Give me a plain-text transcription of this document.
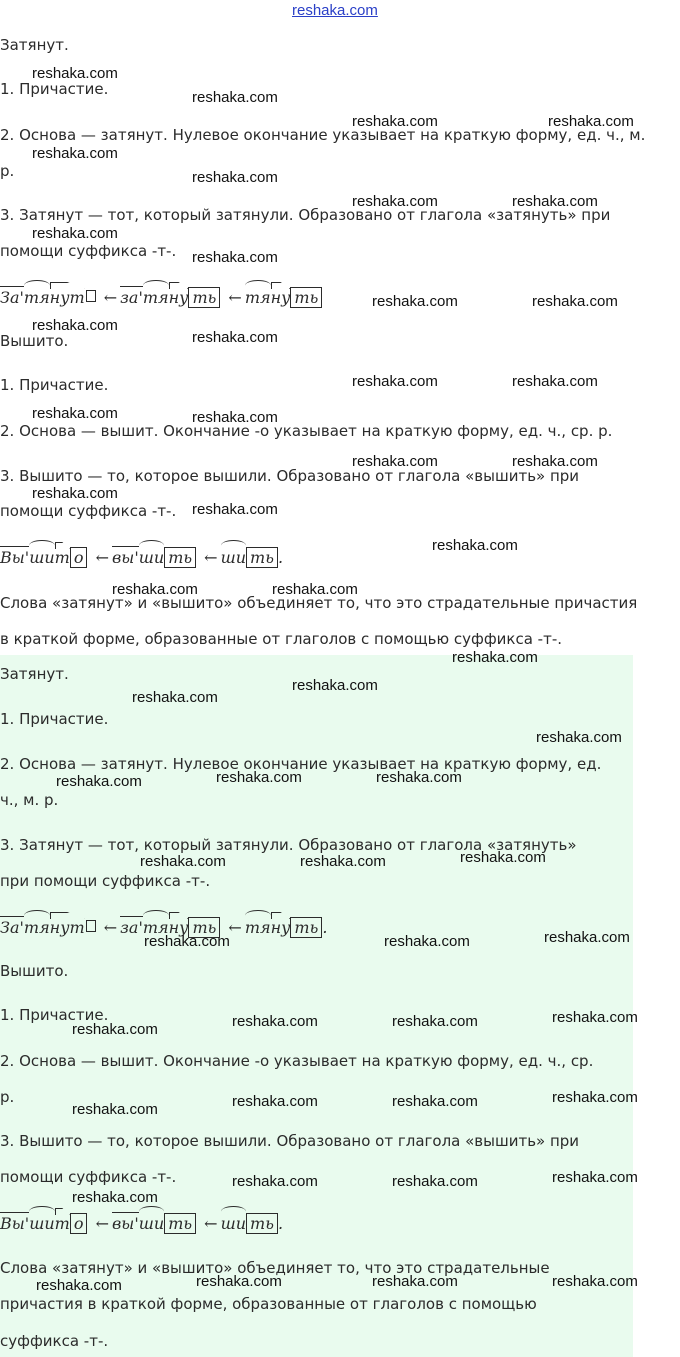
reshaka.com
Затянут.
1. Причастие.
2. Основа — затянут. Нулевое окончание указывает на краткую форму, ед. ч., м.
р.
3. Затянут — тот, который затянули. Образовано от глагола «затянуть» при
помощи суффикса -т-.
За'тянут ← за'тяну ть ← тяну ть
Вышито.
1. Причастие.
2. Основа — вышит. Окончание -о указывает на краткую форму, ед. ч., ср. р.
3. Вышито — то, которое вышили. Образовано от глагола «вышить» при
помощи суффикса -т-.
Вы'шит о ← вы'ши ть ← ши ть .
Слова «затянут» и «вышито» объединяет то, что это страдательные причастия
в краткой форме, образованные от глаголов с помощью суффикса -т-.
Затянут.
1. Причастие.
2. Основа — затянут. Нулевое окончание указывает на краткую форму, ед.
ч., м. р.
3. Затянут — тот, который затянули. Образовано от глагола «затянуть»
при помощи суффикса -т-.
За'тянут ← за'тяну ть ← тяну ть .
Вышито.
1. Причастие.
2. Основа — вышит. Окончание -о указывает на краткую форму, ед. ч., ср.
р.
3. Вышито — то, которое вышили. Образовано от глагола «вышить» при
помощи суффикса -т-.
Вы'шит о ← вы'ши ть ← ши ть .
Слова «затянут» и «вышито» объединяет то, что это страдательные
причастия в краткой форме, образованные от глаголов с помощью
суффикса -т-.
reshaka.com
reshaka.com
reshaka.com	reshaka.com
reshaka.com
reshaka.com
reshaka.com	reshaka.com
reshaka.com
reshaka.com
reshaka.com	reshaka.com
reshaka.com
reshaka.com
reshaka.com	reshaka.com
reshaka.com	reshaka.com
reshaka.com	reshaka.com
reshaka.com
reshaka.com
reshaka.com
reshaka.com	reshaka.com
reshaka.com
reshaka.com
reshaka.com
reshaka.com
reshaka.com	reshaka.com
reshaka.com
reshaka.com
reshaka.com	reshaka.com
reshaka.com
reshaka.com	reshaka.com
reshaka.com
reshaka.com	reshaka.com
reshaka.com
reshaka.com
reshaka.com	reshaka.com
reshaka.com
reshaka.com
reshaka.com	reshaka.com
reshaka.com
reshaka.com	reshaka.com	reshaka.com
reshaka.com
